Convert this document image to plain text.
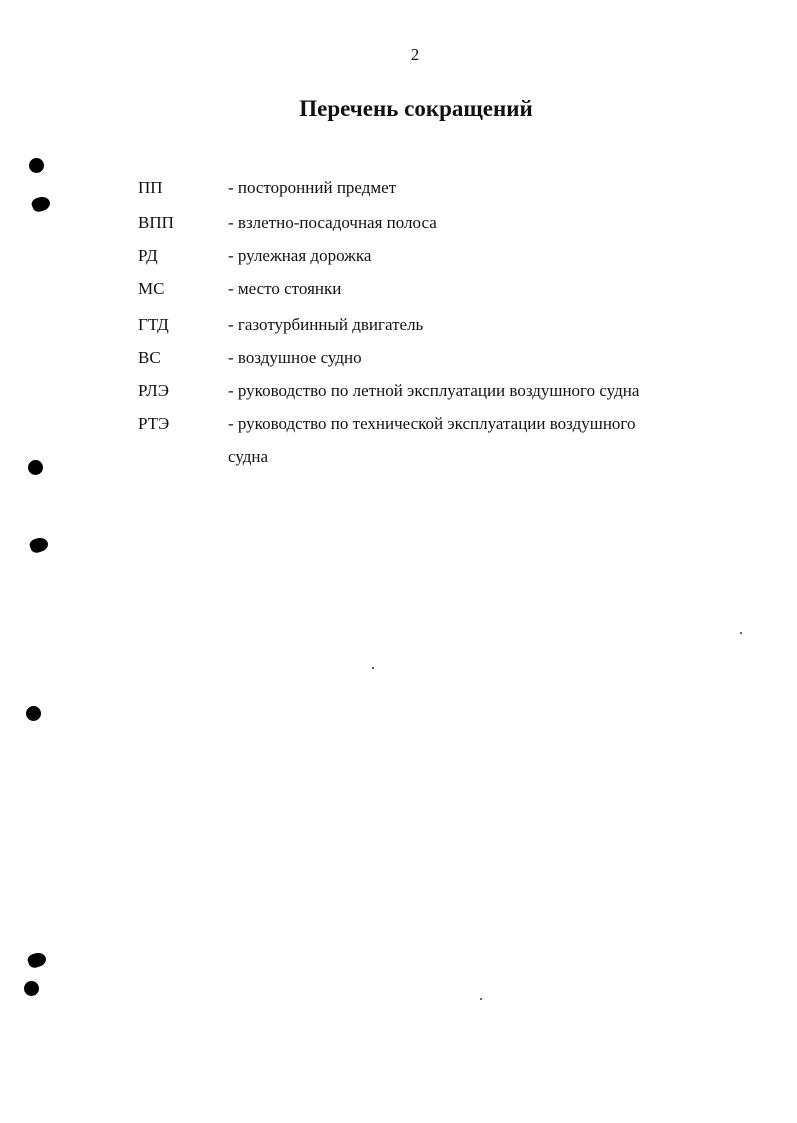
2
Перечень сокращений
ПП	- посторонний предмет
ВПП	- взлетно-посадочная полоса
РД	- рулежная дорожка
МС	- место стоянки
ГТД	- газотурбинный двигатель
ВС	- воздушное судно
РЛЭ	- руководство по летной эксплуатации воздушного судна
РТЭ	- руководство по технической эксплуатации воздушного
судна
